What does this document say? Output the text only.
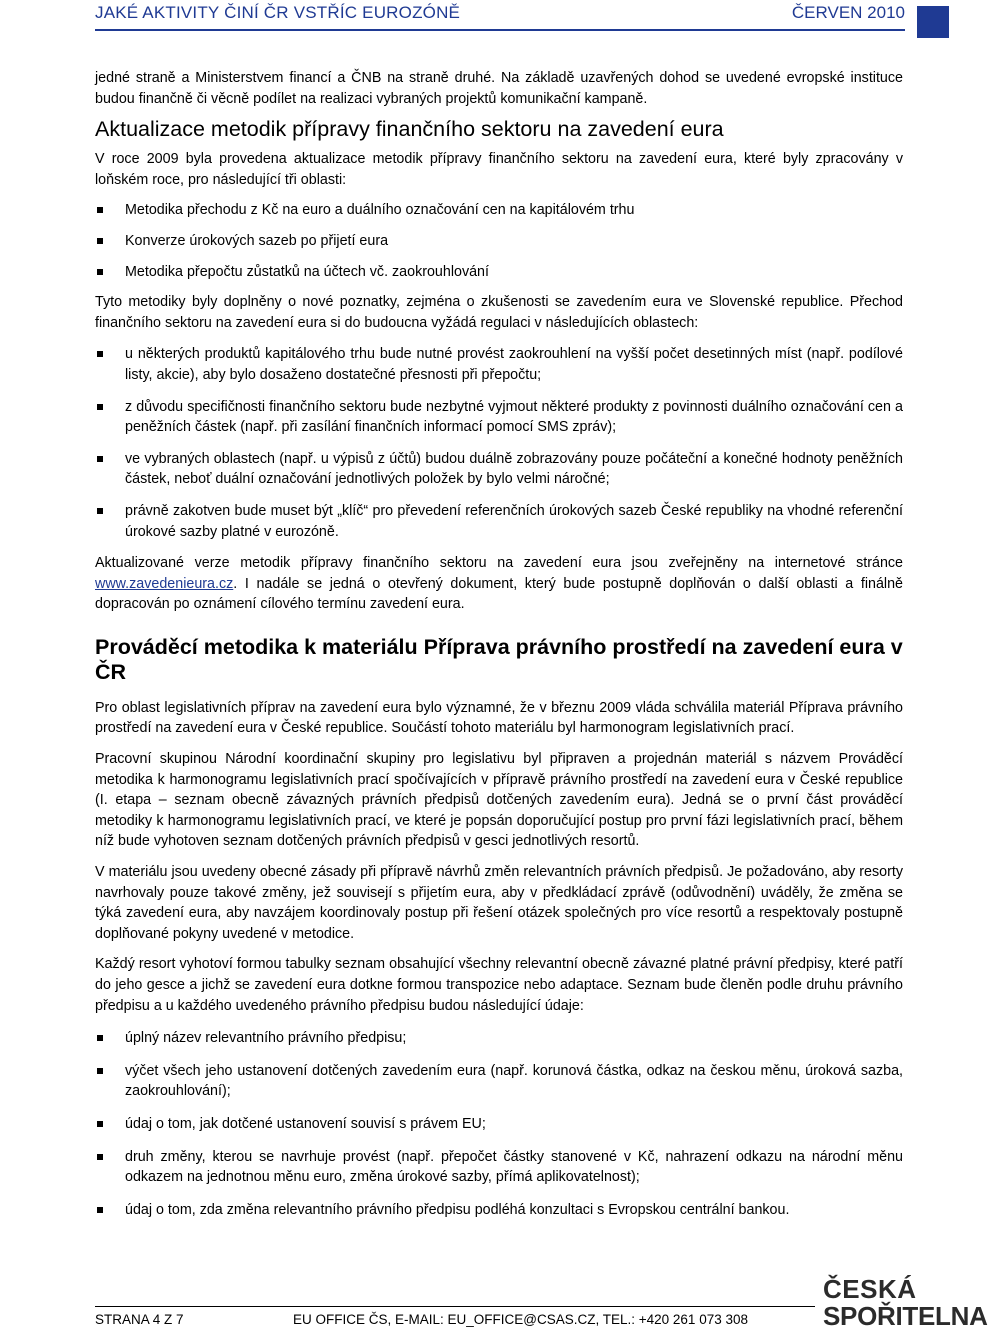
JAKÉ AKTIVITY ČINÍ ČR VSTŘÍC EUROZÓNĚ	ČERVEN 2010

jedné straně a Ministerstvem financí a ČNB na straně druhé. Na základě uzavřených dohod se uvedené evropské instituce budou finančně či věcně podílet na realizaci vybraných projektů komunikační kampaně.

Aktualizace metodik přípravy finančního sektoru na zavedení eura

V roce 2009 byla provedena aktualizace metodik přípravy finančního sektoru na zavedení eura, které byly zpracovány v loňském roce, pro následující tři oblasti:

Metodika přechodu z Kč na euro a duálního označování cen na kapitálovém trhu
Konverze úrokových sazeb po přijetí eura
Metodika přepočtu zůstatků na účtech vč. zaokrouhlování

Tyto metodiky byly doplněny o nové poznatky, zejména o zkušenosti se zavedením eura ve Slovenské republice. Přechod finančního sektoru na zavedení eura si do budoucna vyžádá regulaci v následujících oblastech:

u některých produktů kapitálového trhu bude nutné provést zaokrouhlení na vyšší počet desetinných míst (např. podílové listy, akcie), aby bylo dosaženo dostatečné přesnosti při přepočtu;
z důvodu specifičnosti finančního sektoru bude nezbytné vyjmout některé produkty z povinnosti duálního označování cen a peněžních částek (např. při zasílání finančních informací pomocí SMS zpráv);
ve vybraných oblastech (např. u výpisů z účtů) budou duálně zobrazovány pouze počáteční a konečné hodnoty peněžních částek, neboť duální označování jednotlivých položek by bylo velmi náročné;
právně zakotven bude muset být „klíč“ pro převedení referenčních úrokových sazeb České republiky na vhodné referenční úrokové sazby platné v eurozóně.

Aktualizované verze metodik přípravy finančního sektoru na zavedení eura jsou zveřejněny na internetové stránce www.zavedenieura.cz. I nadále se jedná o otevřený dokument, který bude postupně doplňován o další oblasti a finálně dopracován po oznámení cílového termínu zavedení eura.

Prováděcí metodika k materiálu Příprava právního prostředí na zavedení eura v ČR

Pro oblast legislativních příprav na zavedení eura bylo významné, že v březnu 2009 vláda schválila materiál Příprava právního prostředí na zavedení eura v České republice. Součástí tohoto materiálu byl harmonogram legislativních prací.

Pracovní skupinou Národní koordinační skupiny pro legislativu byl připraven a projednán materiál s názvem Prováděcí metodika k harmonogramu legislativních prací spočívajících v přípravě právního prostředí na zavedení eura v České republice (I. etapa – seznam obecně závazných právních předpisů dotčených zavedením eura). Jedná se o první část prováděcí metodiky k harmonogramu legislativních prací, ve které je popsán doporučující postup pro první fázi legislativních prací, během níž bude vyhotoven seznam dotčených právních předpisů v gesci jednotlivých resortů.

V materiálu jsou uvedeny obecné zásady při přípravě návrhů změn relevantních právních předpisů. Je požadováno, aby resorty navrhovaly pouze takové změny, jež souvisejí s přijetím eura, aby v předkládací zprávě (odůvodnění) uváděly, že změna se týká zavedení eura, aby navzájem koordinovaly postup při řešení otázek společných pro více resortů a respektovaly postupně doplňované pokyny uvedené v metodice.

Každý resort vyhotoví formou tabulky seznam obsahující všechny relevantní obecně závazné platné právní předpisy, které patří do jeho gesce a jichž se zavedení eura dotkne formou transpozice nebo adaptace. Seznam bude členěn podle druhu právního předpisu a u každého uvedeného právního předpisu budou následující údaje:

úplný název relevantního právního předpisu;
výčet všech jeho ustanovení dotčených zavedením eura (např. korunová částka, odkaz na českou měnu, úroková sazba, zaokrouhlování);
údaj o tom, jak dotčené ustanovení souvisí s právem EU;
druh změny, kterou se navrhuje provést (např. přepočet částky stanovené v Kč, nahrazení odkazu na národní měnu odkazem na jednotnou měnu euro, změna úrokové sazby, přímá aplikovatelnost);
údaj o tom, zda změna relevantního právního předpisu podléhá konzultaci s Evropskou centrální bankou.
STRANA 4 Z 7	EU OFFICE ČS, E-MAIL: EU_OFFICE@CSAS.CZ, TEL.: +420 261 073 308
ČESKÁ
SPOŘITELNA
